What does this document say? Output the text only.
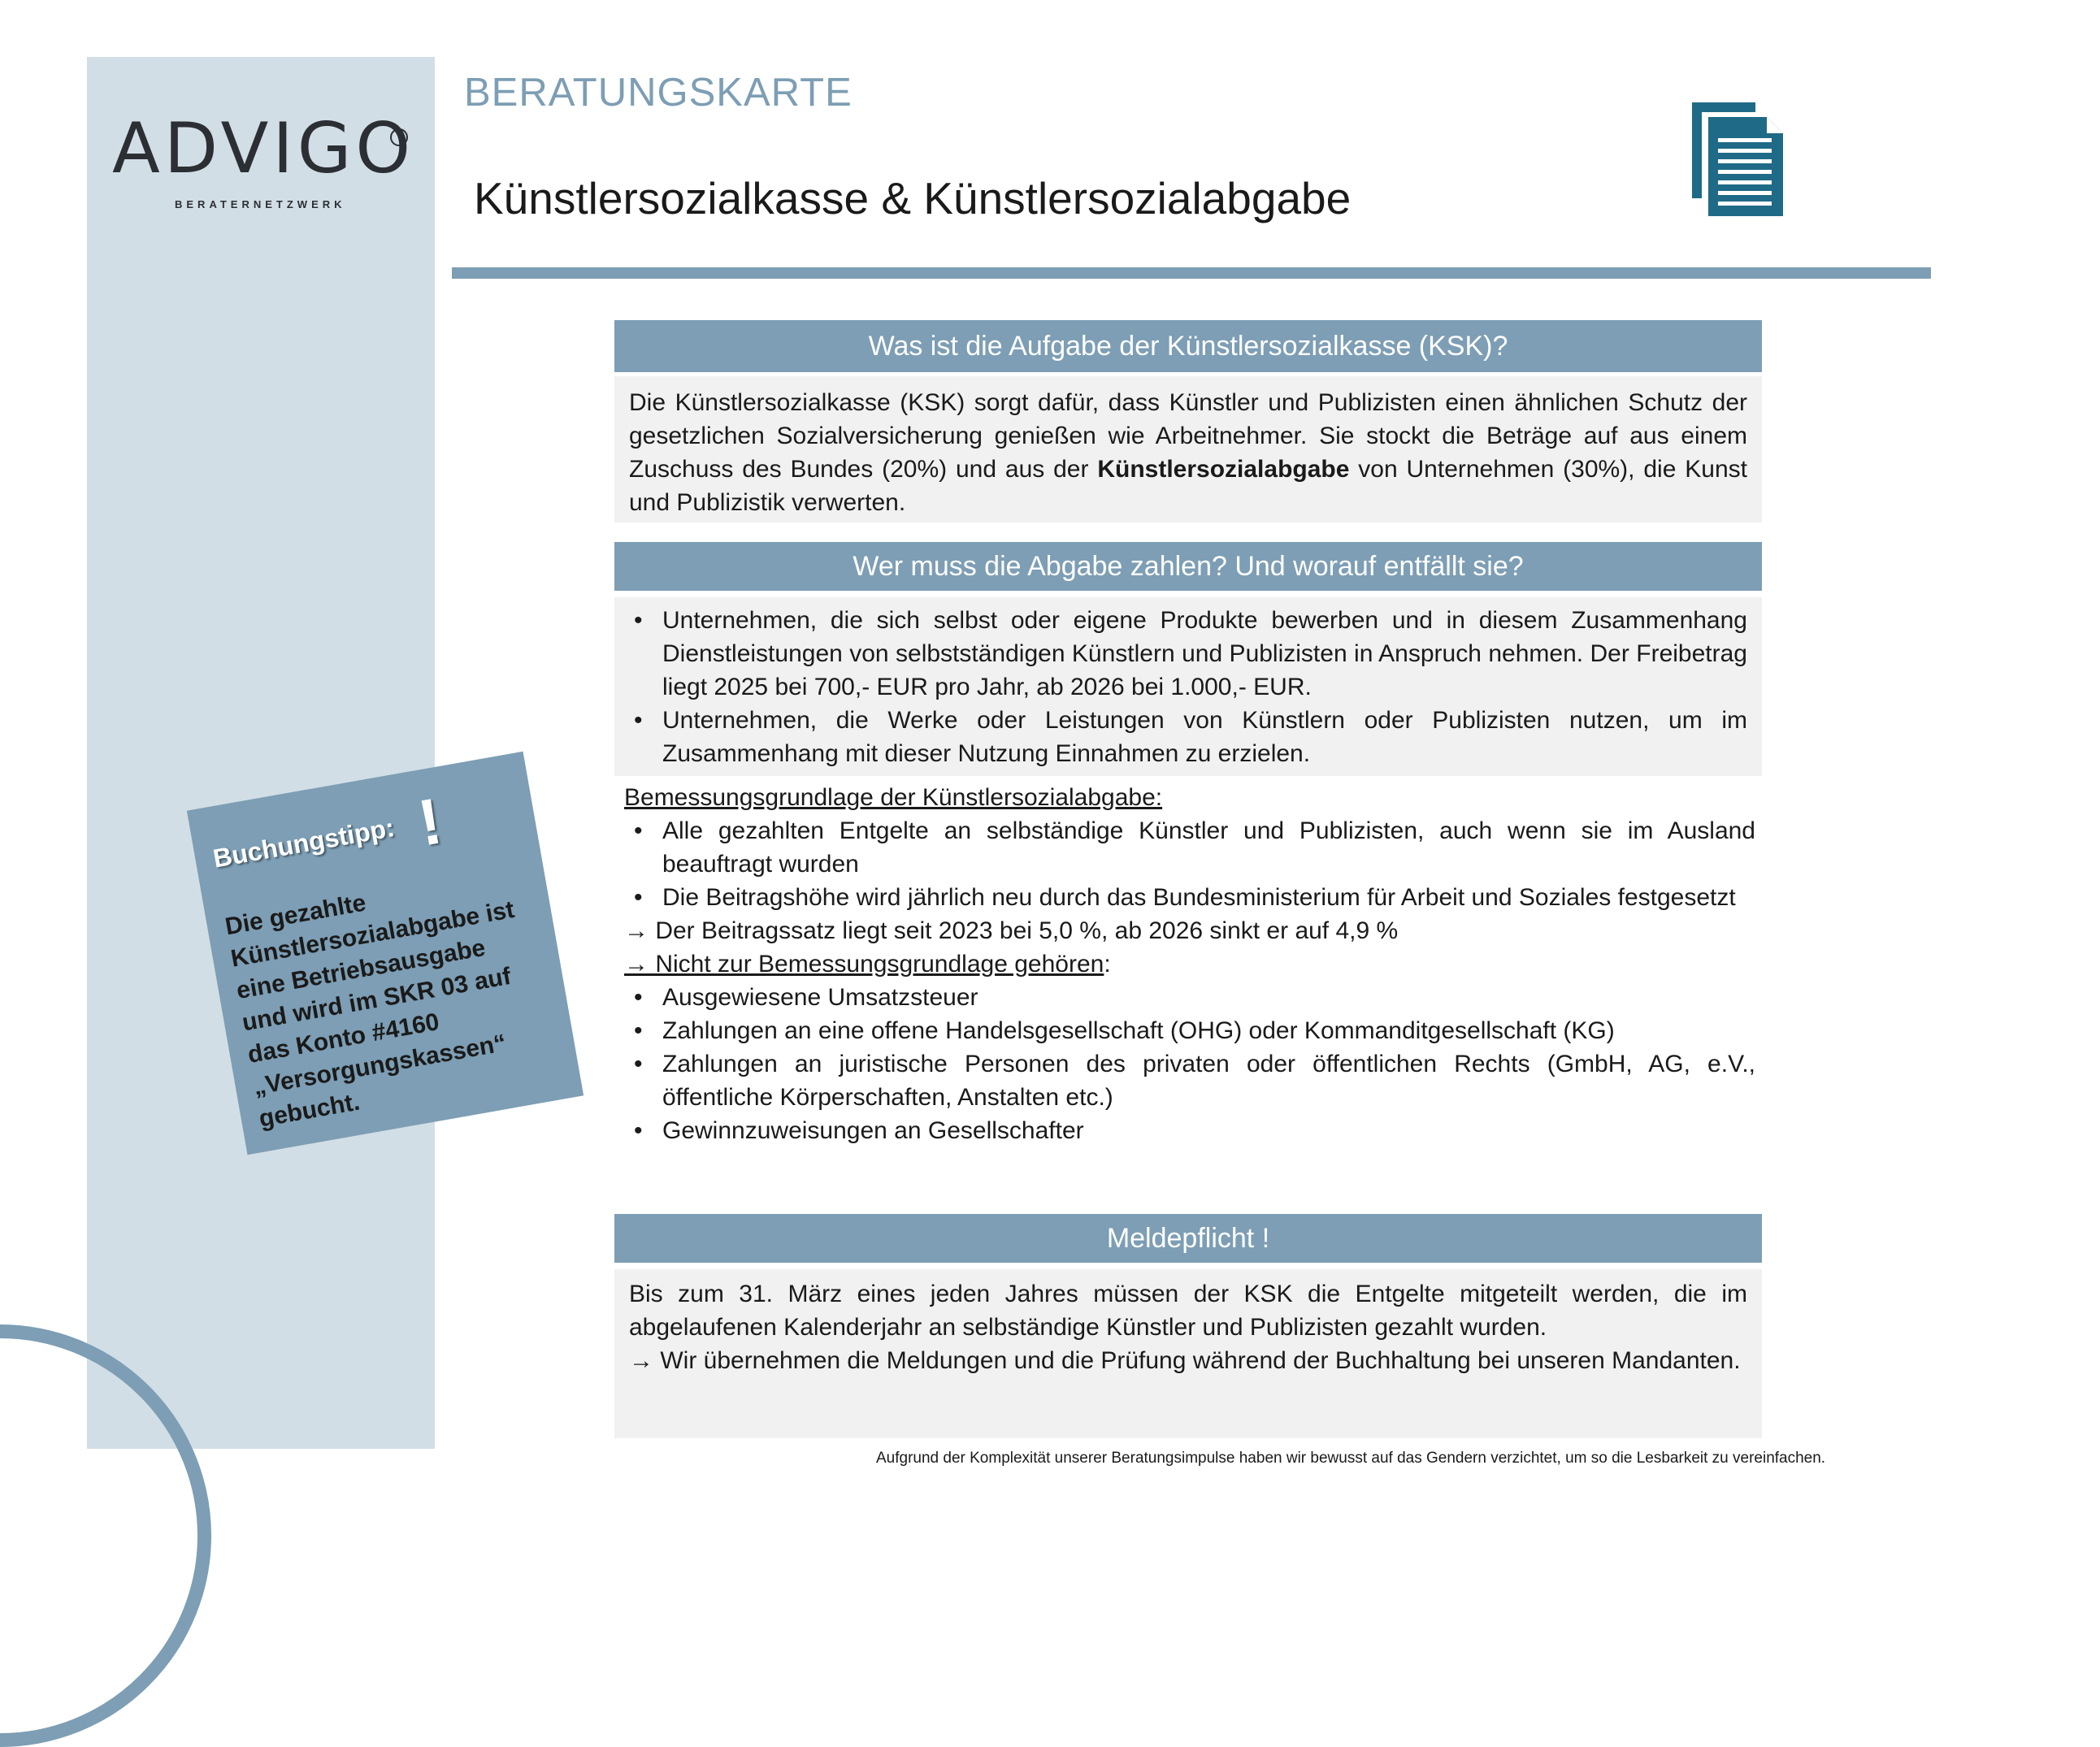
ADVIGO
BERATERNETZWERK
BERATUNGSKARTE
Künstlersozialkasse & Künstlersozialabgabe
Was ist die Aufgabe der Künstlersozialkasse (KSK)?
Die Künstlersozialkasse (KSK) sorgt dafür, dass Künstler und Publizisten einen ähnlichen Schutz der gesetzlichen Sozialversicherung genießen wie Arbeitnehmer. Sie stockt die Beträge auf aus einem Zuschuss des Bundes (20%) und aus der Künstlersozialabgabe von Unternehmen (30%), die Kunst und Publizistik verwerten.
Wer muss die Abgabe zahlen? Und worauf entfällt sie?
• Unternehmen, die sich selbst oder eigene Produkte bewerben und in diesem Zusammenhang Dienstleistungen von selbstständigen Künstlern und Publizisten in Anspruch nehmen. Der Freibetrag liegt 2025 bei 700,- EUR pro Jahr, ab 2026 bei 1.000,- EUR.
• Unternehmen, die Werke oder Leistungen von Künstlern oder Publizisten nutzen, um im Zusammenhang mit dieser Nutzung Einnahmen zu erzielen.
Bemessungsgrundlage der Künstlersozialabgabe:
• Alle gezahlten Entgelte an selbständige Künstler und Publizisten, auch wenn sie im Ausland beauftragt wurden
• Die Beitragshöhe wird jährlich neu durch das Bundesministerium für Arbeit und Soziales festgesetzt
→ Der Beitragssatz liegt seit 2023 bei 5,0 %, ab 2026 sinkt er auf 4,9 %
→ Nicht zur Bemessungsgrundlage gehören:
• Ausgewiesene Umsatzsteuer
• Zahlungen an eine offene Handelsgesellschaft (OHG) oder Kommanditgesellschaft (KG)
• Zahlungen an juristische Personen des privaten oder öffentlichen Rechts (GmbH, AG, e.V., öffentliche Körperschaften, Anstalten etc.)
• Gewinnzuweisungen an Gesellschafter
Meldepflicht !
Bis zum 31. März eines jeden Jahres müssen der KSK die Entgelte mitgeteilt werden, die im abgelaufenen Kalenderjahr an selbständige Künstler und Publizisten gezahlt wurden.
→ Wir übernehmen die Meldungen und die Prüfung während der Buchhaltung bei unseren Mandanten.
Buchungstipp: !
Die gezahlte Künstlersozialabgabe ist eine Betriebsausgabe und wird im SKR 03 auf das Konto #4160 „Versorgungskassen“ gebucht.
Aufgrund der Komplexität unserer Beratungsimpulse haben wir bewusst auf das Gendern verzichtet, um so die Lesbarkeit zu vereinfachen.
